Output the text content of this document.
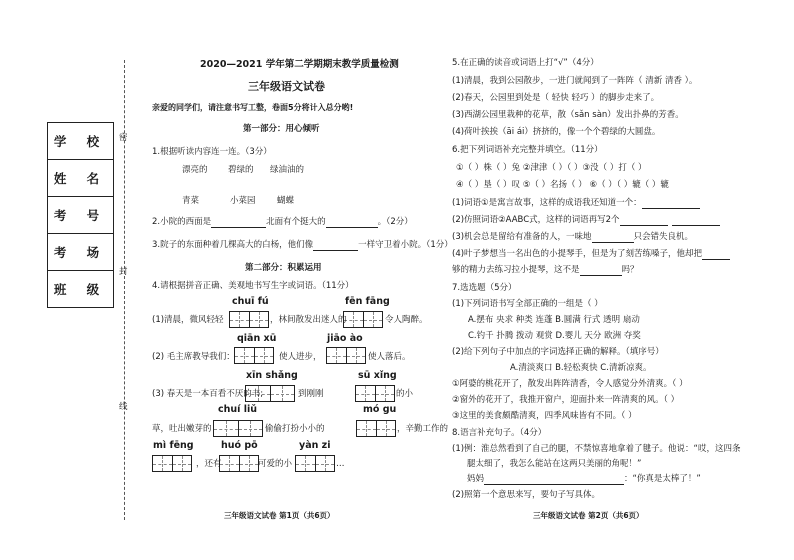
学 校
姓 名
考 号
考 场
班 级
密
封
线
2020—2021 学年第二学期期末教学质量检测
三年级语文试卷
亲爱的同学们，请注意书写工整，卷面5分将计入总分哟!
第一部分：用心倾听
1.根据听读内容连一连。（3分）
漂亮的 碧绿的 绿油油的
青菜	小菜园	蝴蝶
2.小院的西面是	北面有个挺大的	。（2分）
3.院子的东面种着几棵高大的白杨，他们像	一样守卫着小院。（1分）
第二部分：积累运用
4.请根据拼音正确、美观地书写生字或词语。（11分）
chuī fú	fēn fāng
(1)清晨，微风轻轻	，林间散发出迷人的	令人陶醉。
qiān xū	jiāo ào
(2) 毛主席教导我们：	使人进步，	使人落后。
xīn shǎng	sū xǐng
(3) 春天是一本百看不厌的书;	到刚刚	的小
chuí liǔ	mó gu
草，吐出嫩芽的	偷偷打扮小小的	，辛勤工作的
mì fēng	huó pō	yàn zi
，还有	可爱的小	…
三年级语文试卷 第1页（共6页）
5.在正确的读音或词语上打“√”（4分）
(1)清晨，我到公园散步，一进门就闻到了一阵阵（ 清新 清香 ）。
(2)春天，公园里到处是（ 轻快 轻巧 ）的脚步走来了。
(3)西湖公园里栽种的花草，散（sǎn sàn）发出扑鼻的芳香。
(4)荷叶挨挨（āi ái）挤挤的，像一个个碧绿的大圆盘。
6.把下列词语补充完整并填空。（11分）
①（ ）株（ ）兔 ②津津（ ）（ ）③没（ ）打（ ）
④（ ）垦（ ）叹 ⑤（ ）名扬（ ） ⑥（ ）（ ）辘（ ）辘
(1)词语①是寓言故事，这样的成语我还知道一个：
(2)仿照词语②AABC式，这样的词语再写2个
(3)机会总是留给有准备的人，一味地	只会错失良机。
(4)叶子梦想当一名出色的小提琴手，但是为了刻苦练嗓子，他却把
够的精力去练习拉小提琴，这不是	吗？
7.选选题（5分）
(1)下列词语书写全部正确的一组是（ ）
A.摆布 央求 种类 连蓬 B.圆满 行式 透明 扇动
C.钓千 扑腾 拨动 观赏 D.婴儿 天分 欧洲 夺奖
(2)给下列句子中加点的字词选择正确的解释。（填序号）
A.清淡爽口 B.轻松爽快 C.清新凉爽。
①阿婆的桃花开了，散发出阵阵清香，令人感觉分外清爽。（ ）
②窗外的花开了，我推开窗户，迎面扑来一阵清爽的风。（ ）
③这里的美食颇酷清爽，四季风味皆有不同。（ ）
8.语言补充句子。（4分）
(1)例：淮总然看到了自己的腿，不禁惊喜地拿着了毽子。他说：“哎，这四条
腿太细了，我怎么能站在这两只美丽的角呢！”
妈妈	：“你真是太棒了！”
(2)照第一个意思来写，要句子写具体。
三年级语文试卷 第2页（共6页）
